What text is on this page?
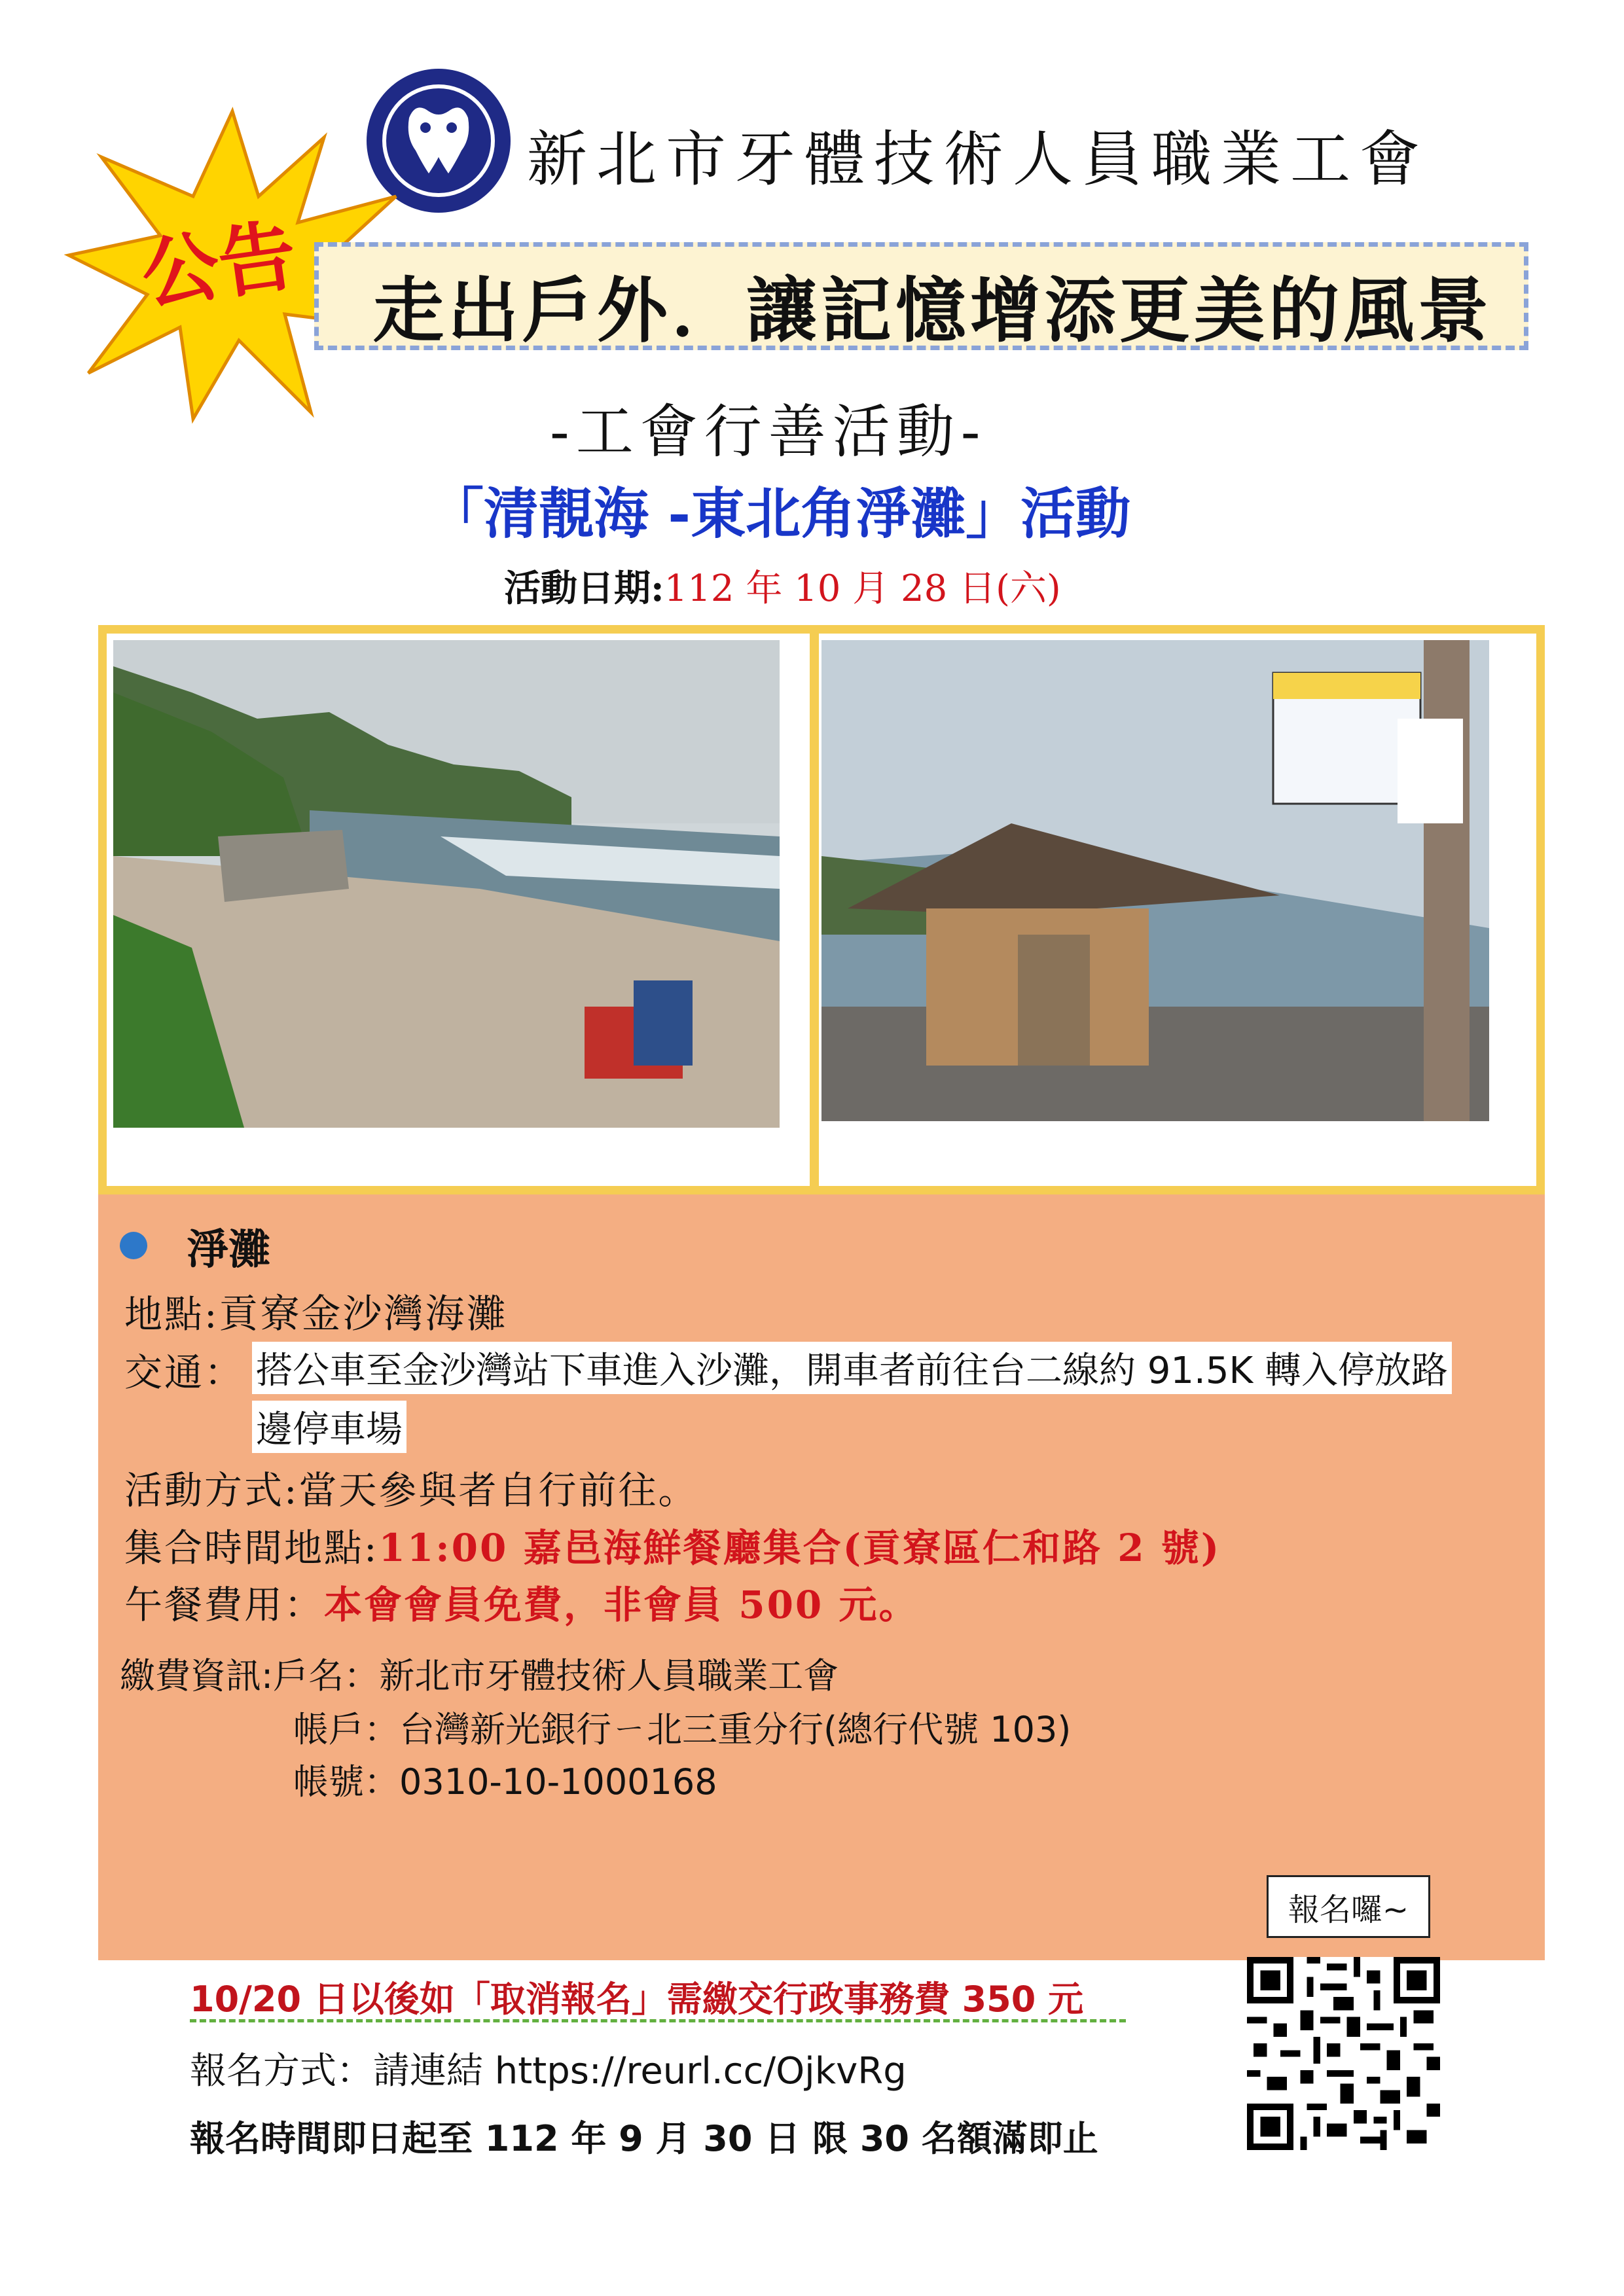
新北市牙體技術人員職業工會
公告 走出戶外．讓記憶增添更美的風景
-工會行善活動-
「清靚海 -東北角淨灘」活動
活動日期:112 年 10 月 28 日(六)
淨灘
地點:貢寮金沙灣海灘
交通： 搭公車至金沙灣站下車進入沙灘，開車者前往台二線約 91.5K 轉入停放路
邊停車場
活動方式:當天參與者自行前往。
集合時間地點:11:00 嘉邑海鮮餐廳集合(貢寮區仁和路 2 號)
午餐費用：本會會員免費，非會員 500 元。
繳費資訊:戶名：新北市牙體技術人員職業工會
帳戶：台灣新光銀行ㄧ北三重分行(總行代號 103)
帳號：0310-10-1000168
報名囉~
10/20 日以後如「取消報名」需繳交行政事務費 350 元
報名方式：請連結 https://reurl.cc/OjkvRg
報名時間即日起至 112 年 9 月 30 日 限 30 名額滿即止
